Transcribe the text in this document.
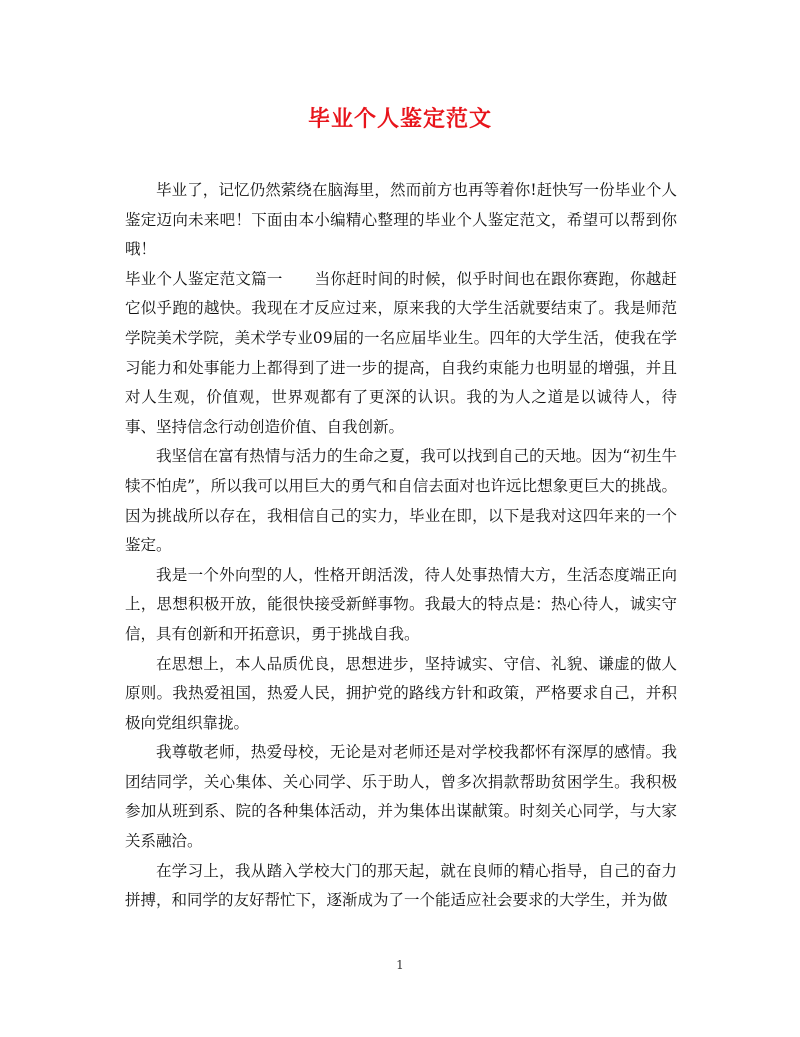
毕业个人鉴定范文

毕业了，记忆仍然萦绕在脑海里，然而前方也再等着你!赶快写一份毕业个人鉴定迈向未来吧！下面由本小编精心整理的毕业个人鉴定范文，希望可以帮到你哦！

毕业个人鉴定范文篇一 当你赶时间的时候，似乎时间也在跟你赛跑，你越赶它似乎跑的越快。我现在才反应过来，原来我的大学生活就要结束了。我是师范学院美术学院，美术学专业09届的一名应届毕业生。四年的大学生活，使我在学习能力和处事能力上都得到了进一步的提高，自我约束能力也明显的增强，并且对人生观，价值观，世界观都有了更深的认识。我的为人之道是以诚待人，待事、坚持信念行动创造价值、自我创新。

我坚信在富有热情与活力的生命之夏，我可以找到自己的天地。因为“初生牛犊不怕虎”，所以我可以用巨大的勇气和自信去面对也许远比想象更巨大的挑战。因为挑战所以存在，我相信自己的实力，毕业在即，以下是我对这四年来的一个鉴定。

我是一个外向型的人，性格开朗活泼，待人处事热情大方，生活态度端正向上，思想积极开放，能很快接受新鲜事物。我最大的特点是：热心待人，诚实守信，具有创新和开拓意识，勇于挑战自我。

在思想上，本人品质优良，思想进步，坚持诚实、守信、礼貌、谦虚的做人原则。我热爱祖国，热爱人民，拥护党的路线方针和政策，严格要求自己，并积极向党组织靠拢。

我尊敬老师，热爱母校，无论是对老师还是对学校我都怀有深厚的感情。我团结同学，关心集体、关心同学、乐于助人，曾多次捐款帮助贫困学生。我积极参加从班到系、院的各种集体活动，并为集体出谋献策。时刻关心同学，与大家关系融洽。

在学习上，我从踏入学校大门的那天起，就在良师的精心指导，自己的奋力拼搏，和同学的友好帮忙下，逐渐成为了一个能适应社会要求的大学生，并为做

1
